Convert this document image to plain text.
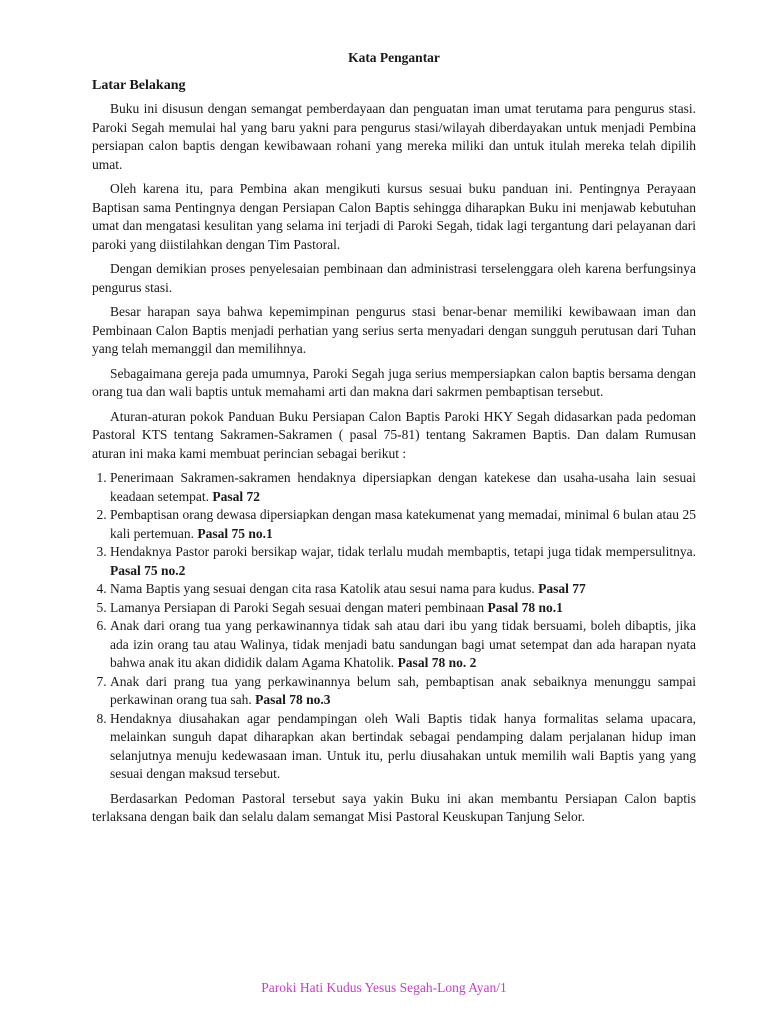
Kata Pengantar
Latar Belakang

Buku ini disusun dengan semangat pemberdayaan dan penguatan iman umat terutama para pengurus stasi. Paroki Segah memulai hal yang baru yakni para pengurus stasi/wilayah diberdayakan untuk menjadi Pembina persiapan calon baptis dengan kewibawaan rohani yang mereka miliki dan untuk itulah mereka telah dipilih umat.

Oleh karena itu, para Pembina akan mengikuti kursus sesuai buku panduan ini. Pentingnya Perayaan Baptisan sama Pentingnya dengan Persiapan Calon Baptis sehingga diharapkan Buku ini menjawab kebutuhan umat dan mengatasi kesulitan yang selama ini terjadi di Paroki Segah, tidak lagi tergantung dari pelayanan dari paroki yang diistilahkan dengan Tim Pastoral.

Dengan demikian proses penyelesaian pembinaan dan administrasi terselenggara oleh karena berfungsinya pengurus stasi.

Besar harapan saya bahwa kepemimpinan pengurus stasi benar-benar memiliki kewibawaan iman dan Pembinaan Calon Baptis menjadi perhatian yang serius serta menyadari dengan sungguh perutusan dari Tuhan yang telah memanggil dan memilihnya.

Sebagaimana gereja pada umumnya, Paroki Segah juga serius mempersiapkan calon baptis bersama dengan orang tua dan wali baptis untuk memahami arti dan makna dari sakrmen pembaptisan tersebut.

Aturan-aturan pokok Panduan Buku Persiapan Calon Baptis Paroki HKY Segah didasarkan pada pedoman Pastoral KTS tentang Sakramen-Sakramen ( pasal 75-81) tentang Sakramen Baptis. Dan dalam Rumusan aturan ini maka kami membuat perincian sebagai berikut :

1. Penerimaan Sakramen-sakramen hendaknya dipersiapkan dengan katekese dan usaha-usaha lain sesuai keadaan setempat. Pasal 72
2. Pembaptisan orang dewasa dipersiapkan dengan masa katekumenat yang memadai, minimal 6 bulan atau 25 kali pertemuan. Pasal 75 no.1
3. Hendaknya Pastor paroki bersikap wajar, tidak terlalu mudah membaptis, tetapi juga tidak mempersulitnya. Pasal 75 no.2
4. Nama Baptis yang sesuai dengan cita rasa Katolik atau sesui nama para kudus. Pasal 77
5. Lamanya Persiapan di Paroki Segah sesuai dengan materi pembinaan Pasal 78 no.1
6. Anak dari orang tua yang perkawinannya tidak sah atau dari ibu yang tidak bersuami, boleh dibaptis, jika ada izin orang tau atau Walinya, tidak menjadi batu sandungan bagi umat setempat dan ada harapan nyata bahwa anak itu akan dididik dalam Agama Khatolik. Pasal 78 no. 2
7. Anak dari prang tua yang perkawinannya belum sah, pembaptisan anak sebaiknya menunggu sampai perkawinan orang tua sah. Pasal 78 no.3
8. Hendaknya diusahakan agar pendampingan oleh Wali Baptis tidak hanya formalitas selama upacara, melainkan sunguh dapat diharapkan akan bertindak sebagai pendamping dalam perjalanan hidup iman selanjutnya menuju kedewasaan iman. Untuk itu, perlu diusahakan untuk memilih wali Baptis yang yang sesuai dengan maksud tersebut.

Berdasarkan Pedoman Pastoral tersebut saya yakin Buku ini akan membantu Persiapan Calon baptis terlaksana dengan baik dan selalu dalam semangat Misi Pastoral Keuskupan Tanjung Selor.

Paroki Hati Kudus Yesus Segah-Long Ayan/1
